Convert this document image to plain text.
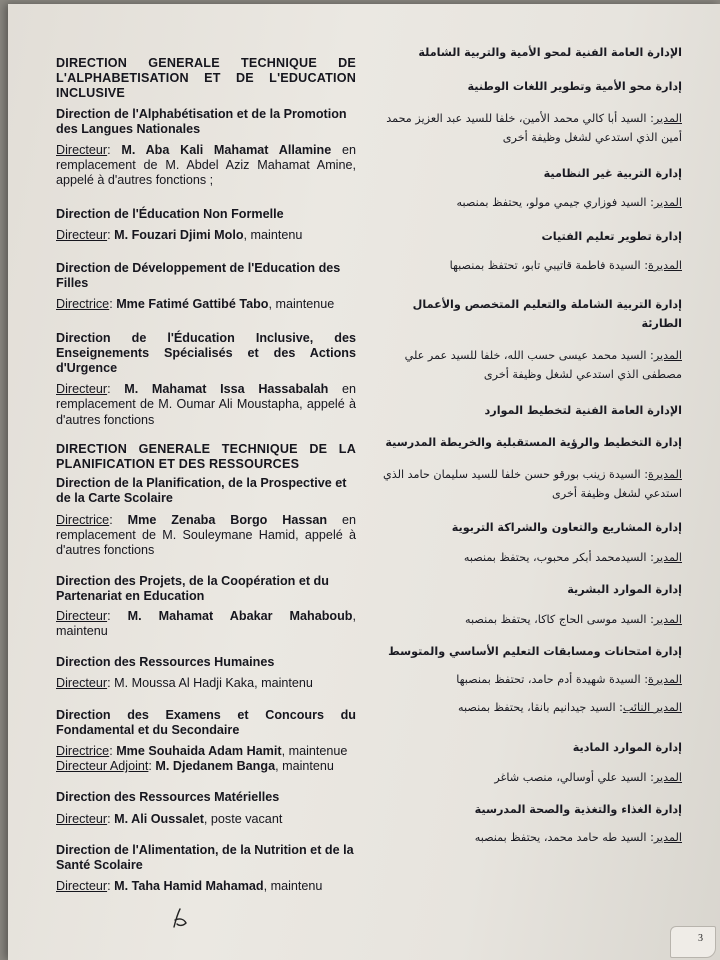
DIRECTION GENERALE TECHNIQUE DE L'ALPHABETISATION ET DE L'EDUCATION INCLUSIVE
Direction de l'Alphabétisation et de la Promotion des Langues Nationales
Directeur: M. Aba Kali Mahamat Allamine en remplacement de M. Abdel Aziz Mahamat Amine, appelé à d'autres fonctions ;
Direction de l'Éducation Non Formelle
Directeur: M. Fouzari Djimi Molo, maintenu
Direction de Développement de l'Education des Filles
Directrice: Mme Fatimé Gattibé Tabo, maintenue
Direction de l'Éducation Inclusive, des Enseignements Spécialisés et des Actions d'Urgence
Directeur: M. Mahamat Issa Hassabalah en remplacement de M. Oumar Ali Moustapha, appelé à d'autres fonctions
DIRECTION GENERALE TECHNIQUE DE LA PLANIFICATION ET DES RESSOURCES
Direction de la Planification, de la Prospective et de la Carte Scolaire
Directrice: Mme Zenaba Borgo Hassan en remplacement de M. Souleymane Hamid, appelé à d'autres fonctions
Direction des Projets, de la Coopération et du Partenariat en Education
Directeur: M. Mahamat Abakar Mahaboub, maintenu
Direction des Ressources Humaines
Directeur: M. Moussa Al Hadji Kaka, maintenu
Direction des Examens et Concours du Fondamental et du Secondaire
Directrice: Mme Souhaida Adam Hamit, maintenue
Directeur Adjoint: M. Djedanem Banga, maintenu
Direction des Ressources Matérielles
Directeur: M. Ali Oussalet, poste vacant
Direction de l'Alimentation, de la Nutrition et de la Santé Scolaire
Directeur: M. Taha Hamid Mahamad, maintenu
الإدارة العامة الفنية لمحو الأمية والتربية الشاملة
إدارة محو الأمية وتطوير اللغات الوطنية
المدير: السيد أبا كالي محمد الأمين، خلفا للسيد عبد العزيز محمد أمين الذي استدعي لشغل وظيفة أخرى
إدارة التربية غير النظامية
المدير: السيد فوزاري جيمي مولو، يحتفظ بمنصبه
إدارة تطوير تعليم الفتيات
المديرة: السيدة فاطمة قاتيبي تابو، تحتفظ بمنصبها
إدارة التربية الشاملة والتعليم المتخصص والأعمال الطارئة
المدير: السيد محمد عيسى حسب الله، خلفا للسيد عمر علي مصطفى الذي استدعي لشغل وظيفة أخرى
الإدارة العامة الفنية لتخطيط الموارد
إدارة التخطيط والرؤية المستقبلية والخريطة المدرسية
المديرة: السيدة زينب بورقو حسن خلفا للسيد سليمان حامد الذي استدعي لشغل وظيفة أخرى
إدارة المشاريع والتعاون والشراكة التربوية
المدير: السيدمحمد أبكر محبوب، يحتفظ بمنصبه
إدارة الموارد البشرية
المدير: السيد موسى الحاج كاكا، يحتفظ بمنصبه
إدارة امتحانات ومسابقات التعليم الأساسي والمتوسط
المديرة: السيدة شهيدة أدم حامد، تحتفظ بمنصبها
المدير النائب: السيد جيدانيم بانقا، يحتفظ بمنصبه
إدارة الموارد المادية
المدير: السيد علي أوسالي، منصب شاغر
إدارة الغذاء والتغذية والصحة المدرسية
المدير: السيد طه حامد محمد، يحتفظ بمنصبه
3
